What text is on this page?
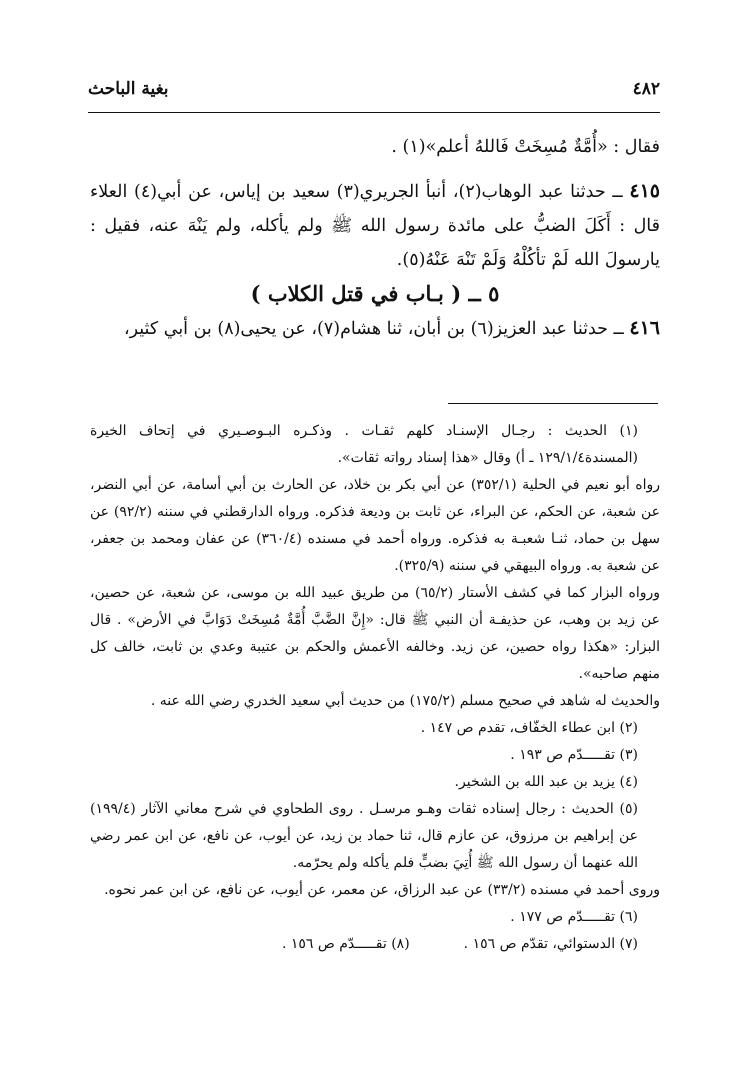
بغية الباحث	٤٨٢

فقال : «أُمَّةٌ مُسِخَتْ فَاللهُ أعلم»(١) .

٤١٥ ــ حدثنا عبد الوهاب(٢)، أنبأ الجريري(٣) سعيد بن إياس، عن أبي(٤) العلاء قال : أَكَلَ الضبُّ على مائدة رسول الله ﷺ ولم يأكله، ولم يَنْهَ عنه، فقيل : يارسولَ الله لَمْ تأكُلْهُ وَلَمْ تَنْهَ عَنْهُ(٥).

٥ ــ ( بـاب في قتل الكلاب )

٤١٦ ــ حدثنا عبد العزيز(٦) بن أبان، ثنا هشام(٧)، عن يحيى(٨) بن أبي كثير،

(١) الحديث : رجـال الإسنـاد كلهم ثقـات . وذكـره البـوصـيري في إتحاف الخيرة (المسندة١٢٩/١/٤ ـ أ) وقال «هذا إسناد رواته ثقات».

رواه أبو نعيم في الحلية (٣٥٢/١) عن أبي بكر بن خلاد، عن الحارث بن أبي أسامة، عن أبي النضر، عن شعبة، عن الحكم، عن البراء، عن ثابت بن وديعة فذكره. ورواه الدارقطني في سننه (٩٢/٢) عن سهل بن حماد، ثنـا شعبـة به فذكره. ورواه أحمد في مسنده (٣٦٠/٤) عن عفان ومحمد بن جعفر، عن شعبة به. ورواه البيهقي في سننه (٣٢٥/٩).

ورواه البزار كما في كشف الأستار (٦٥/٢) من طريق عبيد الله بن موسى، عن شعبة، عن حصين، عن زيد بن وهب، عن حذيفـة أن النبي ﷺ قال: «إِنَّ الضَّبَّ أُمَّةٌ مُسِخَتْ دَوَابَّ في الأرض» . قال البزار: «هكذا رواه حصين، عن زيد. وخالفه الأعمش والحكم بن عتيبة وعدي بن ثابت، خالف كل منهم صاحبه».

والحديث له شاهد في صحيح مسلم (١٧٥/٢) من حديث أبي سعيد الخدري رضي الله عنه .

(٢) ابن عطاء الخفّاف، تقدم ص ١٤٧ .

(٣) تقـــــدّم ص ١٩٣ .

(٤) يزيد بن عبد الله بن الشخير.

(٥) الحديث : رجال إسناده ثقات وهـو مرسـل . روى الطحاوي في شرح معاني الآثار (١٩٩/٤) عن إبراهيم بن مرزوق، عن عازم قال، ثنا حماد بن زيد، عن أيوب، عن نافع، عن ابن عمر رضي الله عنهما أن رسول الله ﷺ أُتِيَ بضبٍّ فلم يأكله ولم يحرّمه.

وروى أحمد في مسنده (٣٣/٢) عن عبد الرزاق، عن معمر، عن أيوب، عن نافع، عن ابن عمر نحوه.

(٦) تقـــــدّم ص ١٧٧ .

(٧) الدستوائي، تقدّم ص ١٥٦ .
(٨) تقـــــدّم ص ١٥٦ .
